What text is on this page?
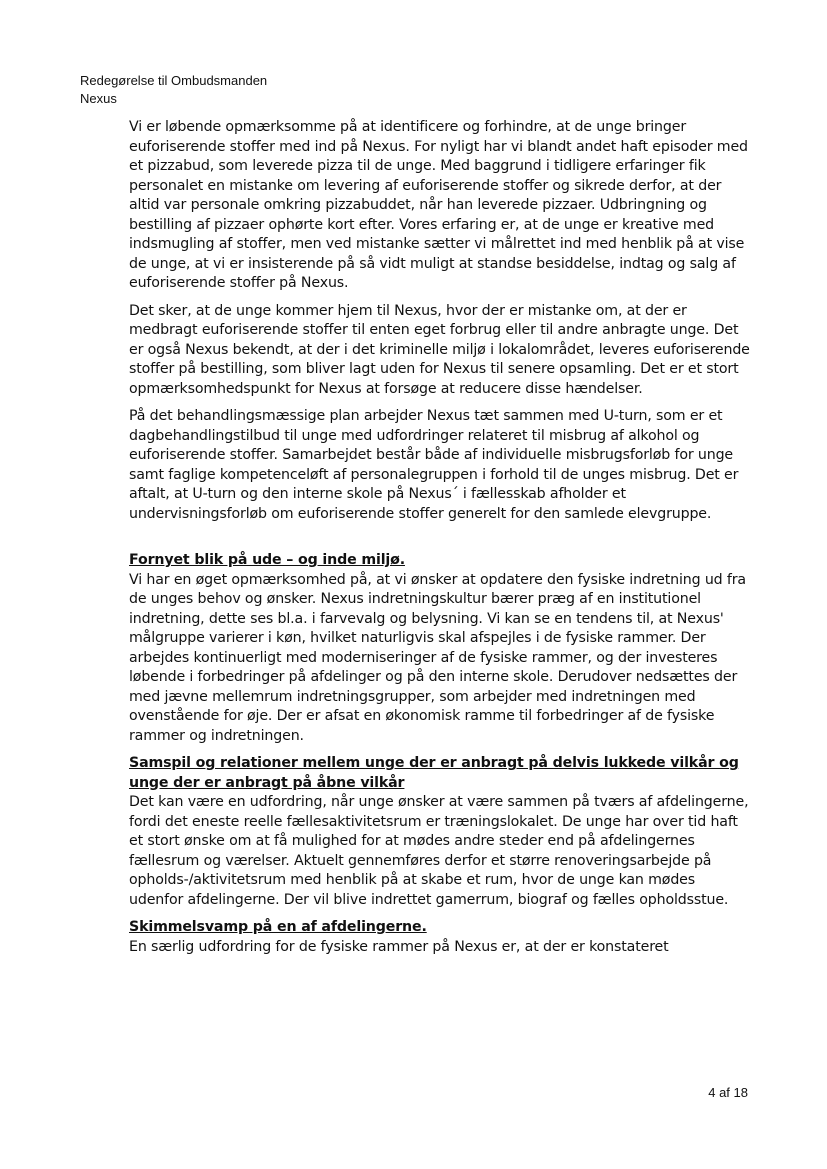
Redegørelse til Ombudsmanden
Nexus

Vi er løbende opmærksomme på at identificere og forhindre, at de unge bringer euforiserende stoffer med ind på Nexus. For nyligt har vi blandt andet haft episoder med et pizzabud, som leverede pizza til de unge. Med baggrund i tidligere erfaringer fik personalet en mistanke om levering af euforiserende stoffer og sikrede derfor, at der altid var personale omkring pizzabuddet, når han leverede pizzaer. Udbringning og bestilling af pizzaer ophørte kort efter. Vores erfaring er, at de unge er kreative med indsmugling af stoffer, men ved mistanke sætter vi målrettet ind med henblik på at vise de unge, at vi er insisterende på så vidt muligt at standse besiddelse, indtag og salg af euforiserende stoffer på Nexus.

Det sker, at de unge kommer hjem til Nexus, hvor der er mistanke om, at der er medbragt euforiserende stoffer til enten eget forbrug eller til andre anbragte unge. Det er også Nexus bekendt, at der i det kriminelle miljø i lokalområdet, leveres euforiserende stoffer på bestilling, som bliver lagt uden for Nexus til senere opsamling. Det er et stort opmærksomhedspunkt for Nexus at forsøge at reducere disse hændelser.

På det behandlingsmæssige plan arbejder Nexus tæt sammen med U-turn, som er et dagbehandlingstilbud til unge med udfordringer relateret til misbrug af alkohol og euforiserende stoffer. Samarbejdet består både af individuelle misbrugsforløb for unge samt faglige kompetenceløft af personalegruppen i forhold til de unges misbrug. Det er aftalt, at U-turn og den interne skole på Nexus´ i fællesskab afholder et undervisningsforløb om euforiserende stoffer generelt for den samlede elevgruppe.

Fornyet blik på ude – og inde miljø.

Vi har en øget opmærksomhed på, at vi ønsker at opdatere den fysiske indretning ud fra de unges behov og ønsker. Nexus indretningskultur bærer præg af en institutionel indretning, dette ses bl.a. i farvevalg og belysning. Vi kan se en tendens til, at Nexus' målgruppe varierer i køn, hvilket naturligvis skal afspejles i de fysiske rammer. Der arbejdes kontinuerligt med moderniseringer af de fysiske rammer, og der investeres løbende i forbedringer på afdelinger og på den interne skole. Derudover nedsættes der med jævne mellemrum indretningsgrupper, som arbejder med indretningen med ovenstående for øje. Der er afsat en økonomisk ramme til forbedringer af de fysiske rammer og indretningen.

Samspil og relationer mellem unge der er anbragt på delvis lukkede vilkår og unge der er anbragt på åbne vilkår

Det kan være en udfordring, når unge ønsker at være sammen på tværs af afdelingerne, fordi det eneste reelle fællesaktivitetsrum er træningslokalet. De unge har over tid haft et stort ønske om at få mulighed for at mødes andre steder end på afdelingernes fællesrum og værelser. Aktuelt gennemføres derfor et større renoveringsarbejde på opholds-/aktivitetsrum med henblik på at skabe et rum, hvor de unge kan mødes udenfor afdelingerne. Der vil blive indrettet gamerrum, biograf og fælles opholdsstue.

Skimmelsvamp på en af afdelingerne.

En særlig udfordring for de fysiske rammer på Nexus er, at der er konstateret

4 af 18
